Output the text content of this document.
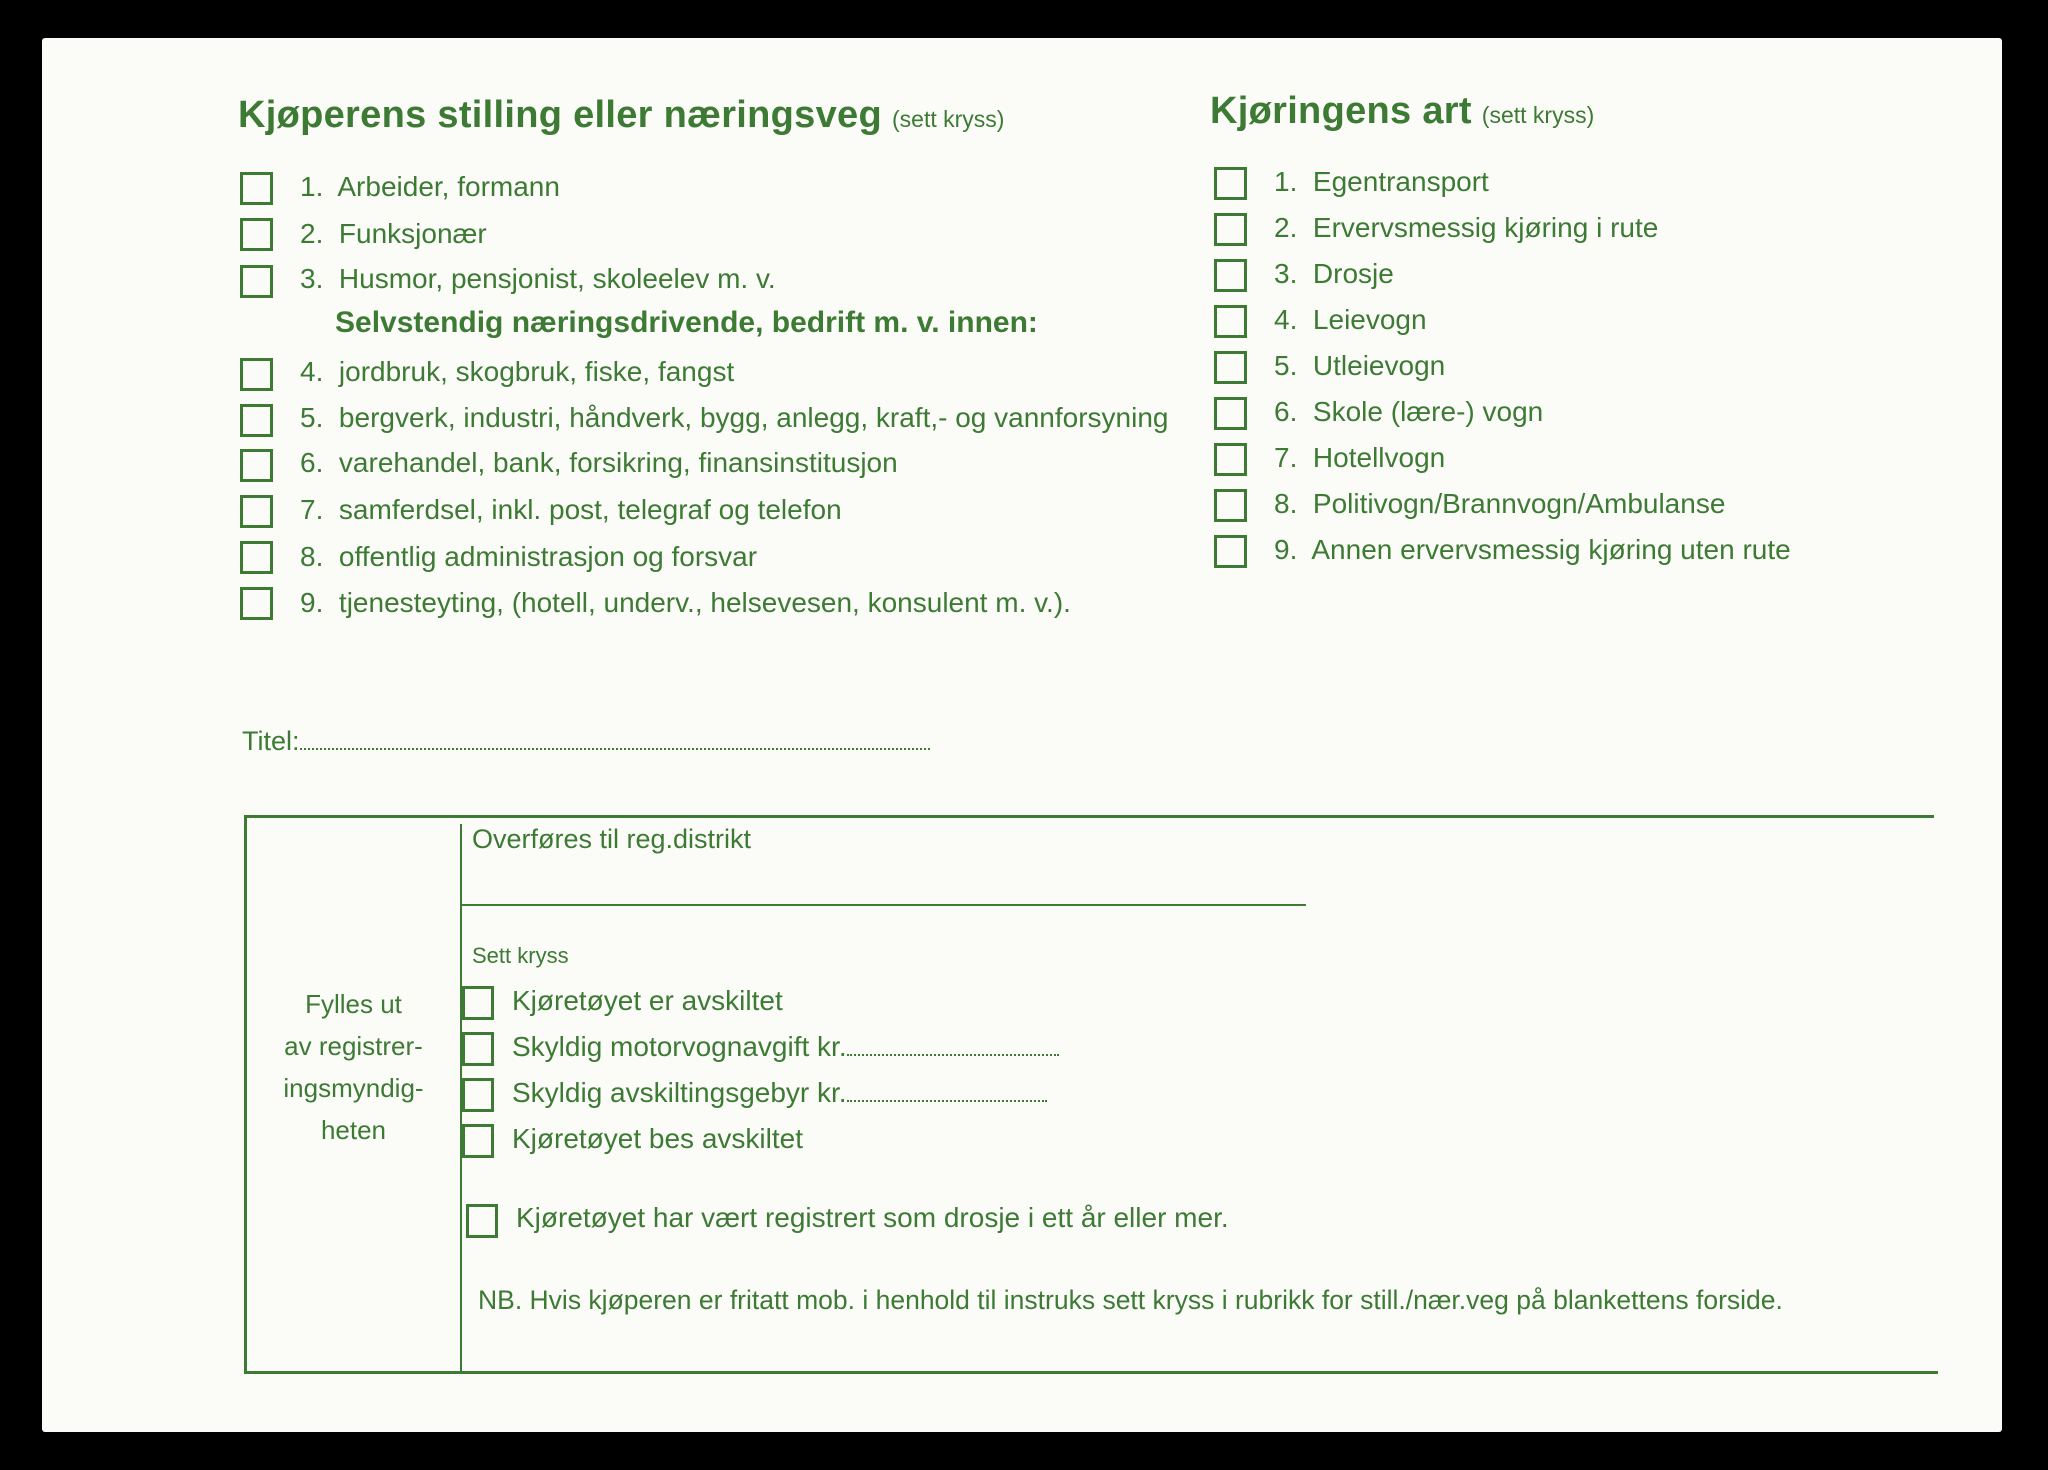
Kjøperens stilling eller næringsveg (sett kryss)
1. Arbeider, formann
2. Funksjonær
3. Husmor, pensjonist, skoleelev m. v.
Selvstendig næringsdrivende, bedrift m. v. innen:
4. jordbruk, skogbruk, fiske, fangst
5. bergverk, industri, håndverk, bygg, anlegg, kraft,- og vannforsyning
6. varehandel, bank, forsikring, finansinstitusjon
7. samferdsel, inkl. post, telegraf og telefon
8. offentlig administrasjon og forsvar
9. tjenesteyting, (hotell, underv., helsevesen, konsulent m. v.).
Titel:
Kjøringens art (sett kryss)
1. Egentransport
2. Ervervsmessig kjøring i rute
3. Drosje
4. Leievogn
5. Utleievogn
6. Skole (lære-) vogn
7. Hotellvogn
8. Politivogn/Brannvogn/Ambulanse
9. Annen ervervsmessig kjøring uten rute
Fylles ut
av registrer-
ingsmyndig-
heten
Overføres til reg.distrikt
Sett kryss
Kjøretøyet er avskiltet
Skyldig motorvognavgift kr.
Skyldig avskiltingsgebyr kr.
Kjøretøyet bes avskiltet
Kjøretøyet har vært registrert som drosje i ett år eller mer.
NB. Hvis kjøperen er fritatt mob. i henhold til instruks sett kryss i rubrikk for still./nær.veg på blankettens forside.
